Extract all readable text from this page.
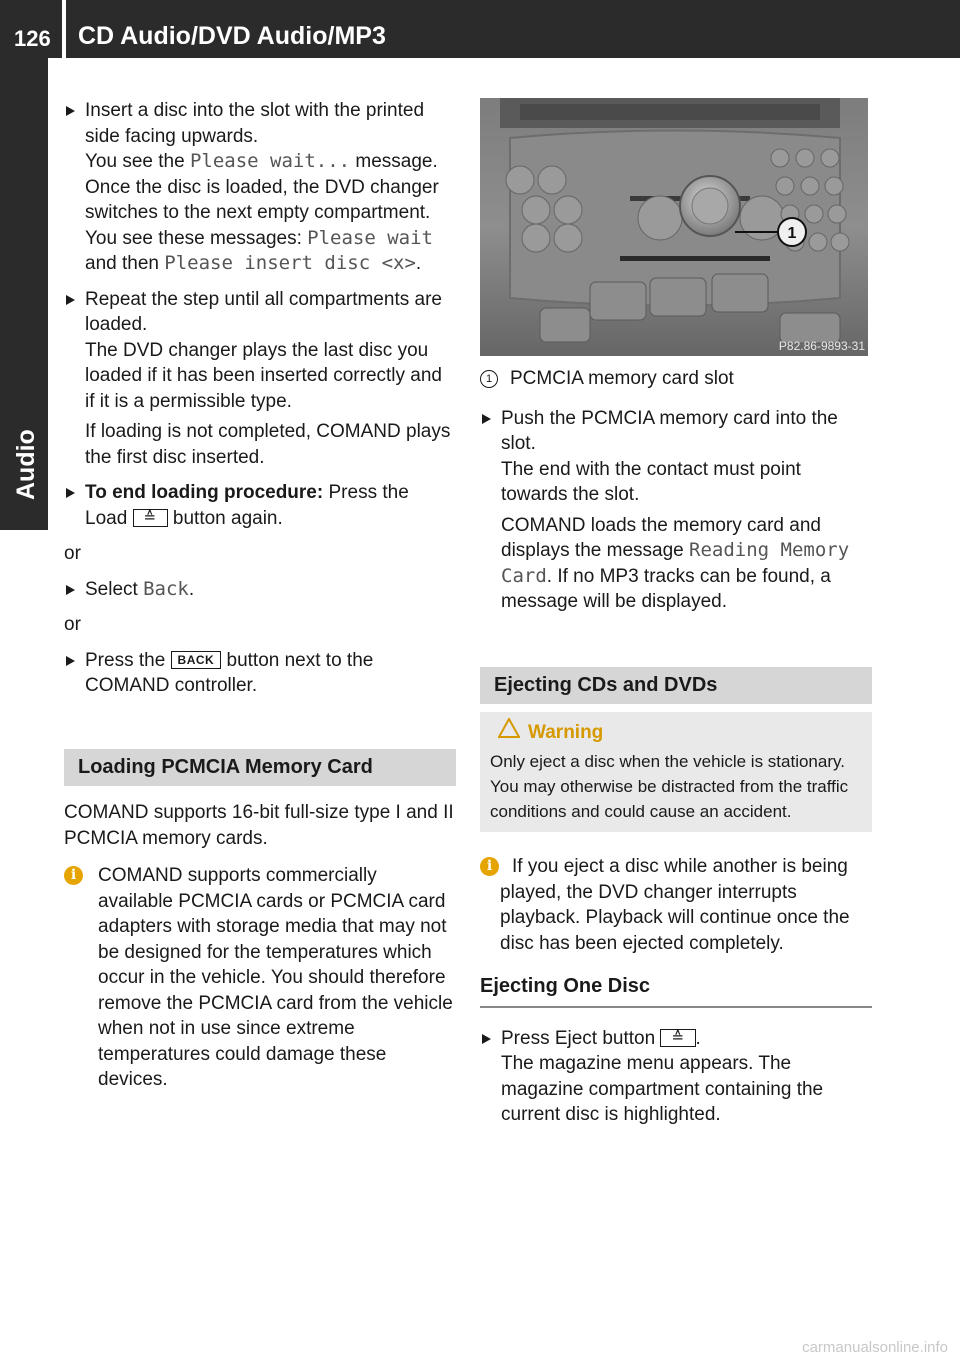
126 CD Audio/DVD Audio/MP3
Audio

Insert a disc into the slot with the printed side facing upwards.

You see the Please wait... message.

Once the disc is loaded, the DVD changer switches to the next empty compartment.

You see these messages: Please wait and then Please insert disc <x>.

Repeat the step until all compartments are loaded.

The DVD changer plays the last disc you loaded if it has been inserted correctly and if it is a permissible type.

If loading is not completed, COMAND plays the first disc inserted.

To end loading procedure: Press the Load ≙ button again.

or

Select Back.

or

Press the BACK button next to the COMAND controller.

Loading PCMCIA Memory Card

COMAND supports 16-bit full-size type I and II PCMCIA memory cards.

i	COMAND supports commercially available PCMCIA cards or PCMCIA card adapters with storage media that may not be designed for the temperatures which occur in the vehicle. You should therefore remove the PCMCIA card from the vehicle when not in use since extreme temperatures could damage these devices.

1
P82.86-9893-31
1 PCMCIA memory card slot

Push the PCMCIA memory card into the slot.

The end with the contact must point towards the slot.

COMAND loads the memory card and displays the message Reading Memory Card. If no MP3 tracks can be found, a message will be displayed.

Ejecting CDs and DVDs
Warning

Only eject a disc when the vehicle is stationary. You may otherwise be distracted from the traffic conditions and could cause an accident.

i	If you eject a disc while another is being played, the DVD changer interrupts playback. Playback will continue once the disc has been ejected completely.

Ejecting One Disc

Press Eject button ≙ .

The magazine menu appears. The magazine compartment containing the current disc is highlighted.

carmanualsonline.info
